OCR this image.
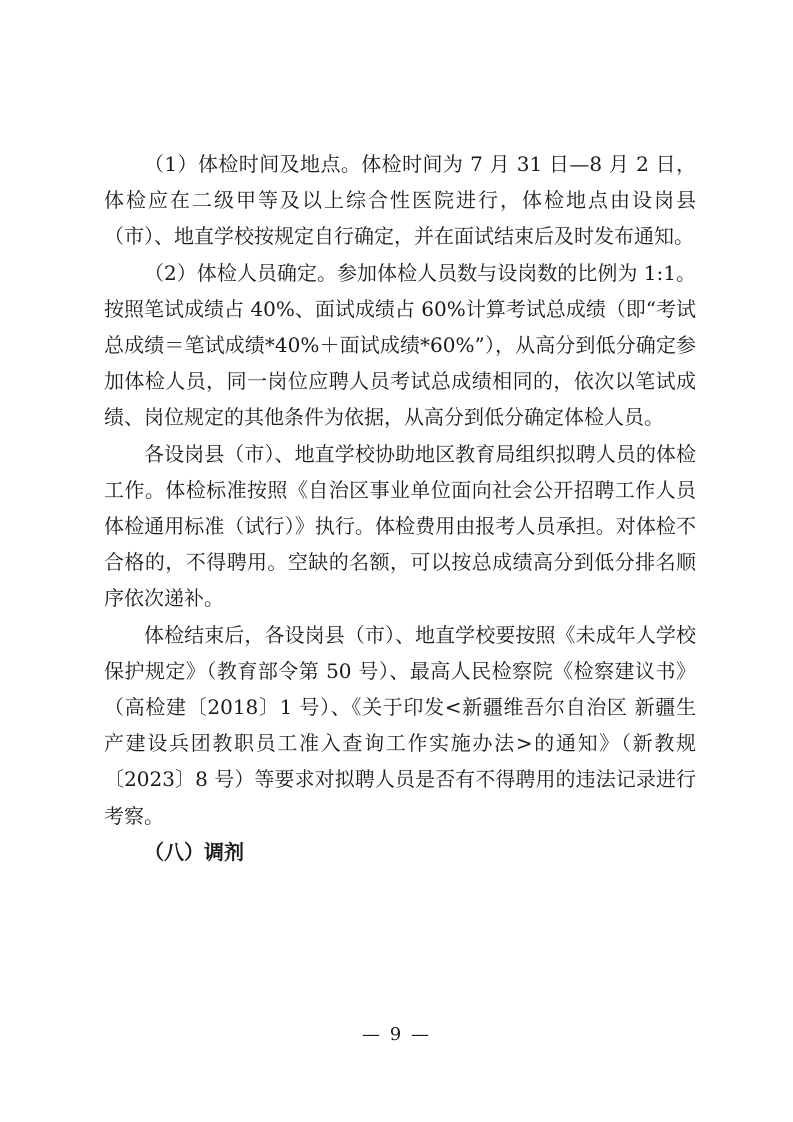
（1）体检时间及地点。体检时间为 7 月 31 日—8 月 2 日，体检应在二级甲等及以上综合性医院进行，体检地点由设岗县（市）、地直学校按规定自行确定，并在面试结束后及时发布通知。

（2）体检人员确定。参加体检人员数与设岗数的比例为 1:1。按照笔试成绩占 40%、面试成绩占 60%计算考试总成绩（即“考试总成绩＝笔试成绩*40%＋面试成绩*60%”），从高分到低分确定参加体检人员，同一岗位应聘人员考试总成绩相同的，依次以笔试成绩、岗位规定的其他条件为依据，从高分到低分确定体检人员。

各设岗县（市）、地直学校协助地区教育局组织拟聘人员的体检工作。体检标准按照《自治区事业单位面向社会公开招聘工作人员体检通用标准（试行）》执行。体检费用由报考人员承担。对体检不合格的，不得聘用。空缺的名额，可以按总成绩高分到低分排名顺序依次递补。

体检结束后，各设岗县（市）、地直学校要按照《未成年人学校保护规定》（教育部令第 50 号）、最高人民检察院《检察建议书》（高检建〔2018〕1 号）、《关于印发<新疆维吾尔自治区 新疆生产建设兵团教职员工准入查询工作实施办法>的通知》（新教规〔2023〕8 号）等要求对拟聘人员是否有不得聘用的违法记录进行考察。

（八）调剂

— 9 —
